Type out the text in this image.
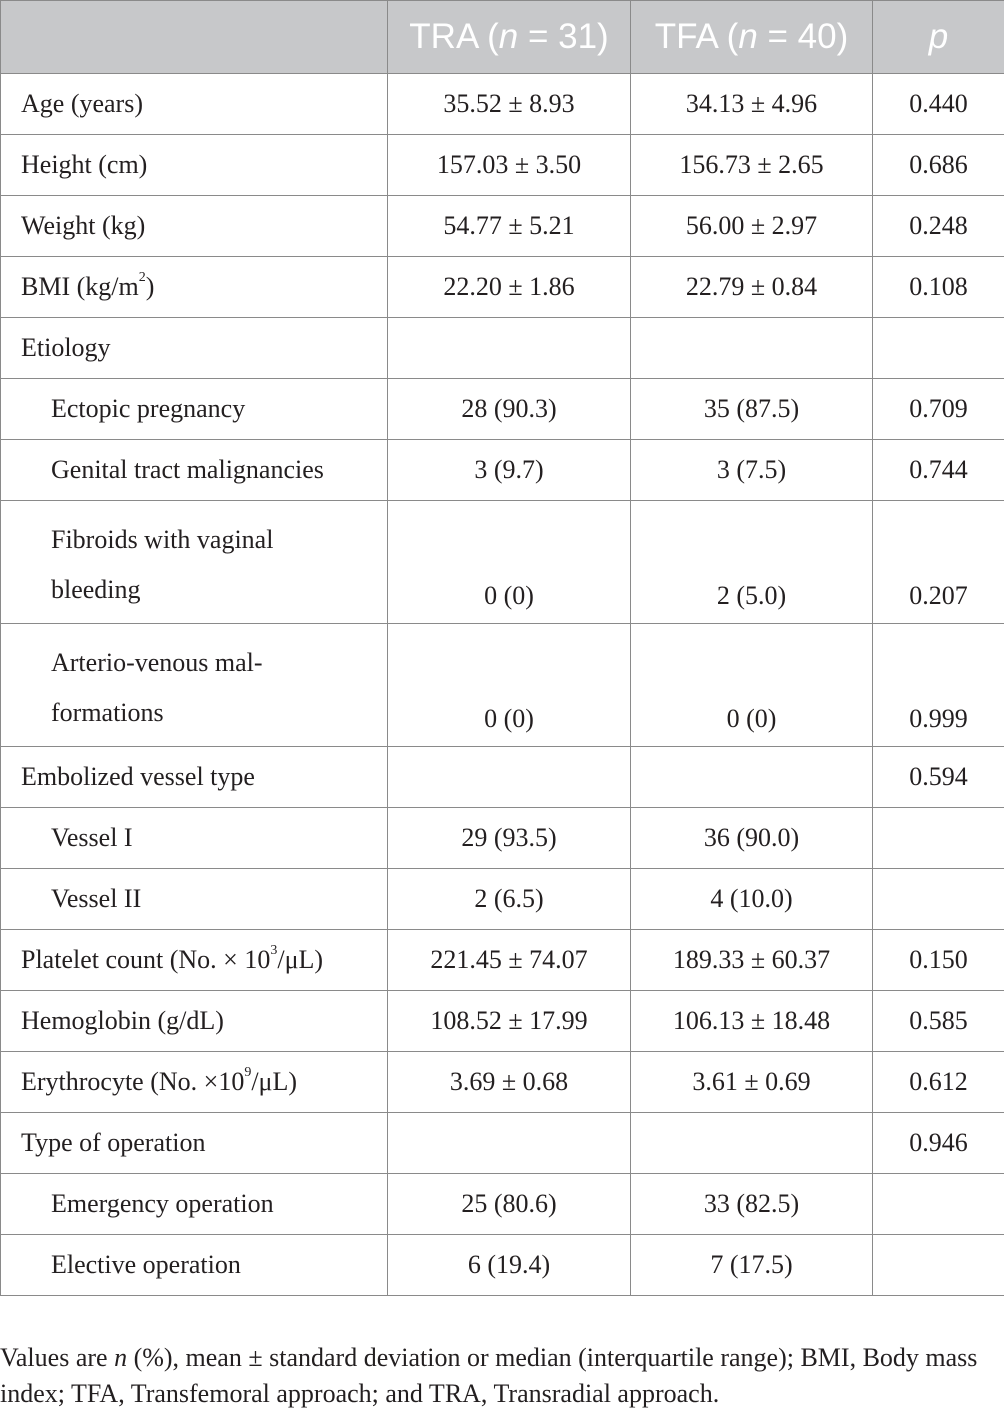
	TRA (n = 31)	TFA (n = 40)	p
Age (years)	35.52 ± 8.93	34.13 ± 4.96	0.440
Height (cm)	157.03 ± 3.50	156.73 ± 2.65	0.686
Weight (kg)	54.77 ± 5.21	56.00 ± 2.97	0.248
BMI $(kg/m^2)$	22.20 ± 1.86	22.79 ± 0.84	0.108
Etiology			
Ectopic pregnancy	28 (90.3)	35 (87.5)	0.709
Genital tract malignancies	3 (9.7)	3 (7.5)	0.744
Fibroids with vaginal
bleeding	0 (0)	2 (5.0)	0.207
Arterio-venous mal-
formations	0 (0)	0 (0)	0.999
Embolized vessel type			0.594
Vessel I	29 (93.5)	36 (90.0)	
Vessel II	2 (6.5)	4 (10.0)	
Platelet count (No. × $10^3/\mu L$)	221.45 ± 74.07	189.33 ± 60.37	0.150
Hemoglobin (g/dL)	108.52 ± 17.99	106.13 ± 18.48	0.585
Erythrocyte (No. $\times 10^9/\mu L$)	3.69 ± 0.68	3.61 ± 0.69	0.612
Type of operation			0.946
Emergency operation	25 (80.6)	33 (82.5)	
Elective operation	6 (19.4)	7 (17.5)	

Values are n (%), mean ± standard deviation or median (interquartile range); BMI, Body mass index; TFA, Transfemoral approach; and TRA, Transradial approach.
